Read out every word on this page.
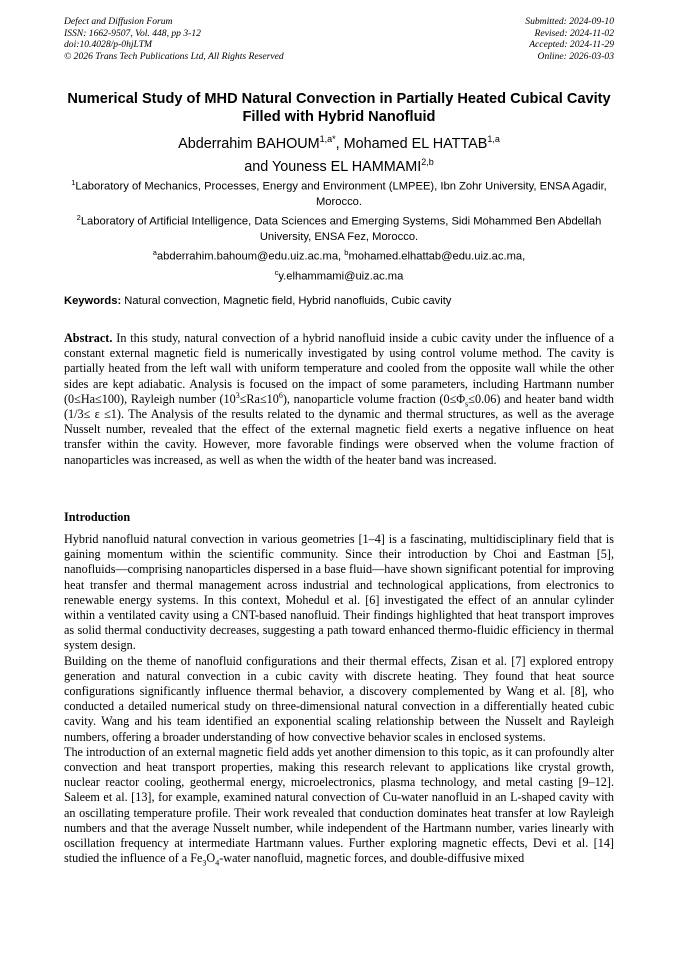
Defect and Diffusion Forum
ISSN: 1662-9507, Vol. 448, pp 3-12
doi:10.4028/p-0hjLTM
© 2026 Trans Tech Publications Ltd, All Rights Reserved
Submitted: 2024-09-10
Revised: 2024-11-02
Accepted: 2024-11-29
Online: 2026-03-03
Numerical Study of MHD Natural Convection in Partially Heated Cubical Cavity Filled with Hybrid Nanofluid
Abderrahim $BAHOUM^{1,a*}$, Mohamed EL HATTAB$^{1,a}$
and Youness EL HAMMAMI$^{2,b}$
$^1$Laboratory of Mechanics, Processes, Energy and Environment (LMPEE), Ibn Zohr University, ENSA Agadir, Morocco.
$^2$Laboratory of Artificial Intelligence, Data Sciences and Emerging Systems, Sidi Mohammed Ben Abdellah University, ENSA Fez, Morocco.
$^a$abderrahim.bahoum@edu.uiz.ac.ma, $^b$mohamed.elhattab@edu.uiz.ac.ma,
$^c$y.elhammami@uiz.ac.ma
Keywords: Natural convection, Magnetic field, Hybrid nanofluids, Cubic cavity

Abstract. In this study, natural convection of a hybrid nanofluid inside a cubic cavity under the influence of a constant external magnetic field is numerically investigated by using control volume method. The cavity is partially heated from the left wall with uniform temperature and cooled from the opposite wall while the other sides are kept adiabatic. Analysis is focused on the impact of some parameters, including Hartmann number (0≤Ha≤100), Rayleigh number $(10^3\le Ra\le 10^6)$, nanoparticle volume fraction $(0\le\Phi_s\le 0.06)$ and heater band width (1/3≤ ε ≤1). The Analysis of the results related to the dynamic and thermal structures, as well as the average Nusselt number, revealed that the effect of the external magnetic field exerts a negative influence on heat transfer within the cavity. However, more favorable findings were observed when the volume fraction of nanoparticles was increased, as well as when the width of the heater band was increased.

Introduction

Hybrid nanofluid natural convection in various geometries [1–4] is a fascinating, multidisciplinary field that is gaining momentum within the scientific community. Since their introduction by Choi and Eastman [5], nanofluids—comprising nanoparticles dispersed in a base fluid—have shown significant potential for improving heat transfer and thermal management across industrial and technological applications, from electronics to renewable energy systems. In this context, Mohedul et al. [6] investigated the effect of an annular cylinder within a ventilated cavity using a CNT-based nanofluid. Their findings highlighted that heat transport improves as solid thermal conductivity decreases, suggesting a path toward enhanced thermo-fluidic efficiency in thermal system design.

Building on the theme of nanofluid configurations and their thermal effects, Zisan et al. [7] explored entropy generation and natural convection in a cubic cavity with discrete heating. They found that heat source configurations significantly influence thermal behavior, a discovery complemented by Wang et al. [8], who conducted a detailed numerical study on three-dimensional natural convection in a differentially heated cubic cavity. Wang and his team identified an exponential scaling relationship between the Nusselt and Rayleigh numbers, offering a broader understanding of how convective behavior scales in enclosed systems.

The introduction of an external magnetic field adds yet another dimension to this topic, as it can profoundly alter convection and heat transport properties, making this research relevant to applications like crystal growth, nuclear reactor cooling, geothermal energy, microelectronics, plasma technology, and metal casting [9–12]. Saleem et al. [13], for example, examined natural convection of Cu-water nanofluid in an L-shaped cavity with an oscillating temperature profile. Their work revealed that conduction dominates heat transfer at low Rayleigh numbers and that the average Nusselt number, while independent of the Hartmann number, varies linearly with oscillation frequency at intermediate Hartmann values. Further exploring magnetic effects, Devi et al. [14] studied the influence of a $Fe_3O_4$-water nanofluid, magnetic forces, and double-diffusive mixed
